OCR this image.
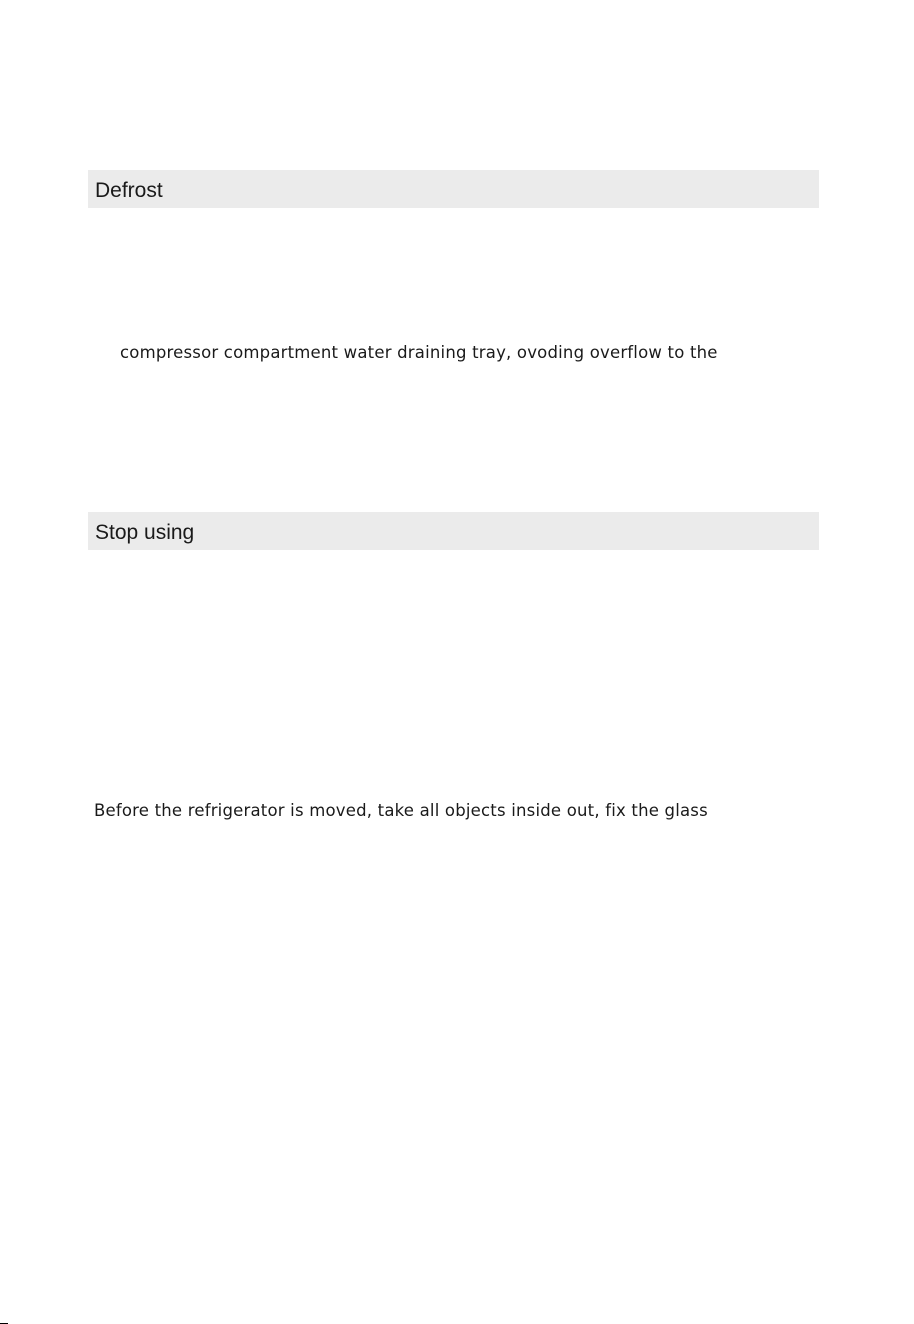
Defrost
compressor compartment water draining tray, ovoding overflow to the
Stop using
Before the refrigerator is moved, take all objects inside out, fix the glass
